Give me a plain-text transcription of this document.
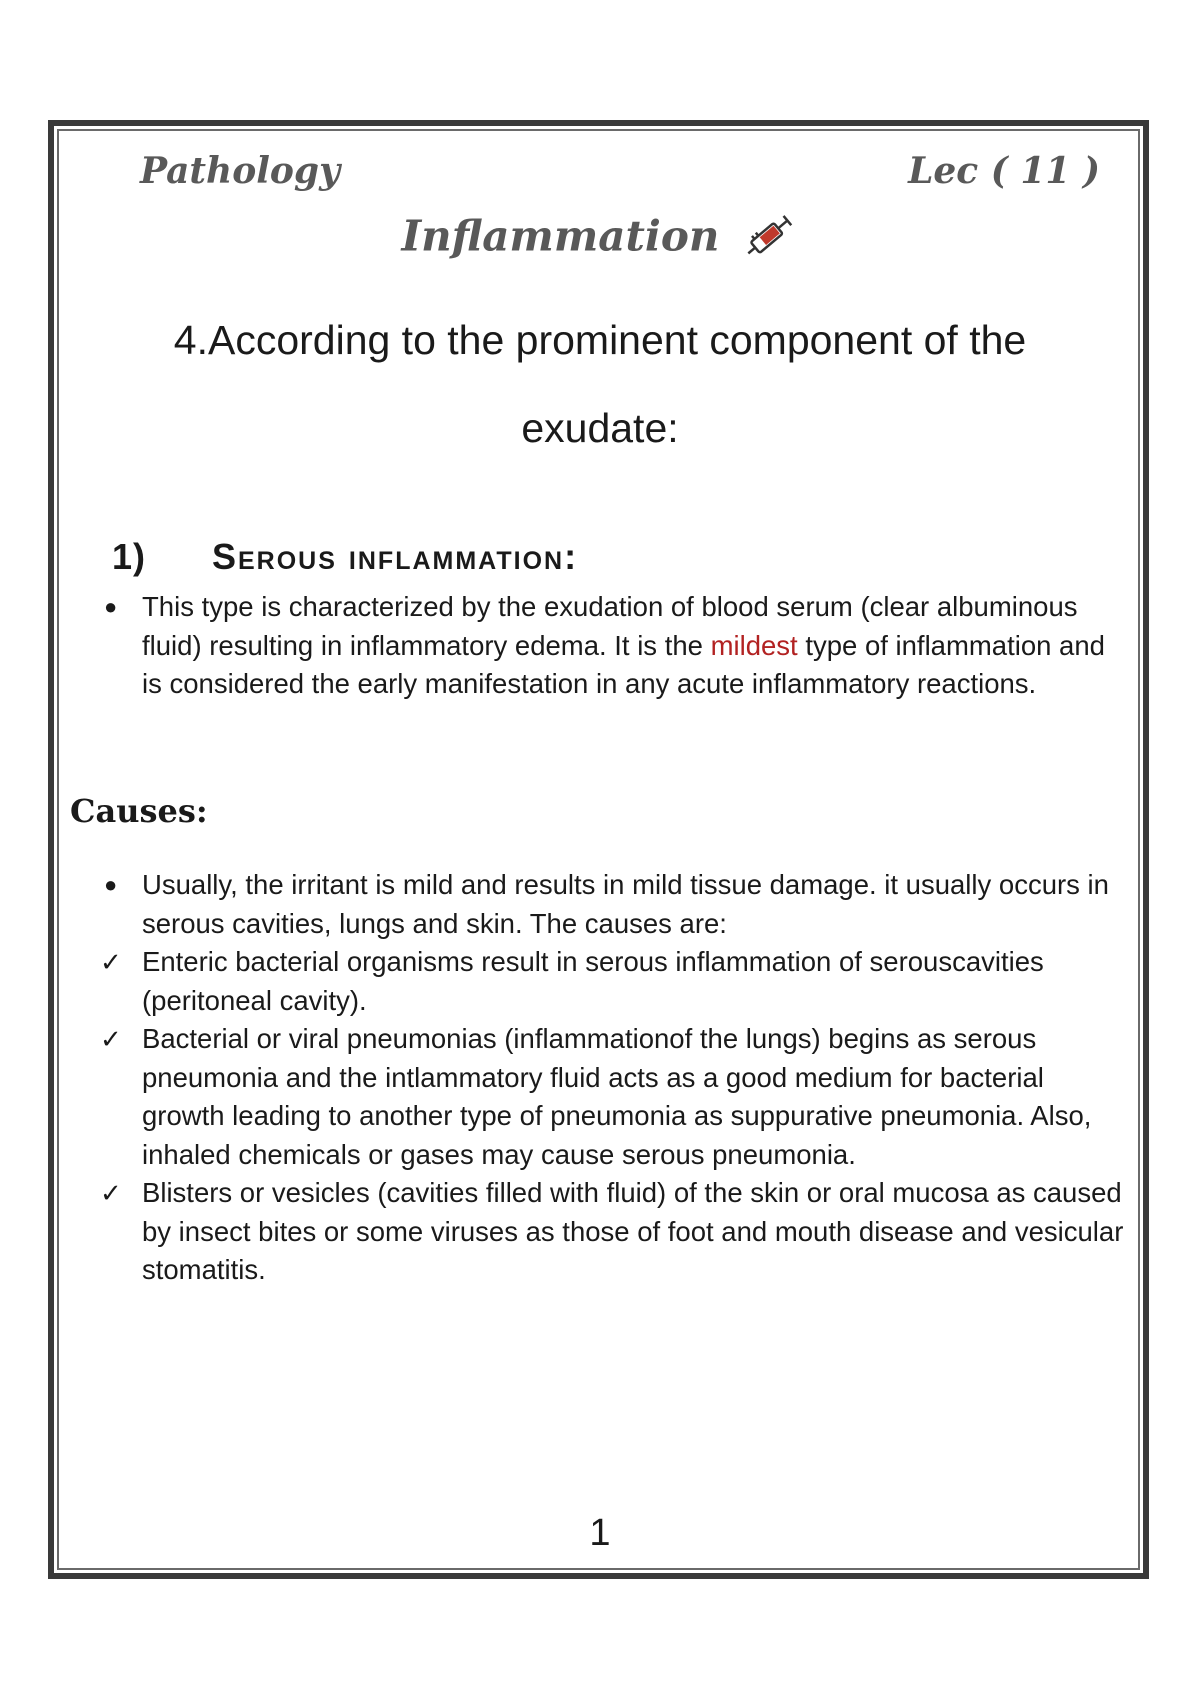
Pathology	Lec ( 11 )
Inflammation
4.According to the prominent component of the
exudate:
1) Serous inflammation:
● This type is characterized by the exudation of blood serum (clear albuminous fluid) resulting in inflammatory edema. It is the mildest type of inflammation and is considered the early manifestation in any acute inflammatory reactions.
Causes:
● Usually, the irritant is mild and results in mild tissue damage. it usually occurs in serous cavities, lungs and skin. The causes are:
✓ Enteric bacterial organisms result in serous inflammation of serouscavities (peritoneal cavity).
✓ Bacterial or viral pneumonias (inflammationof the lungs) begins as serous pneumonia and the intlammatory fluid acts as a good medium for bacterial growth leading to another type of pneumonia as suppurative pneumonia. Also, inhaled chemicals or gases may cause serous pneumonia.
✓ Blisters or vesicles (cavities filled with fluid) of the skin or oral mucosa as caused by insect bites or some viruses as those of foot and mouth disease and vesicular stomatitis.
1
